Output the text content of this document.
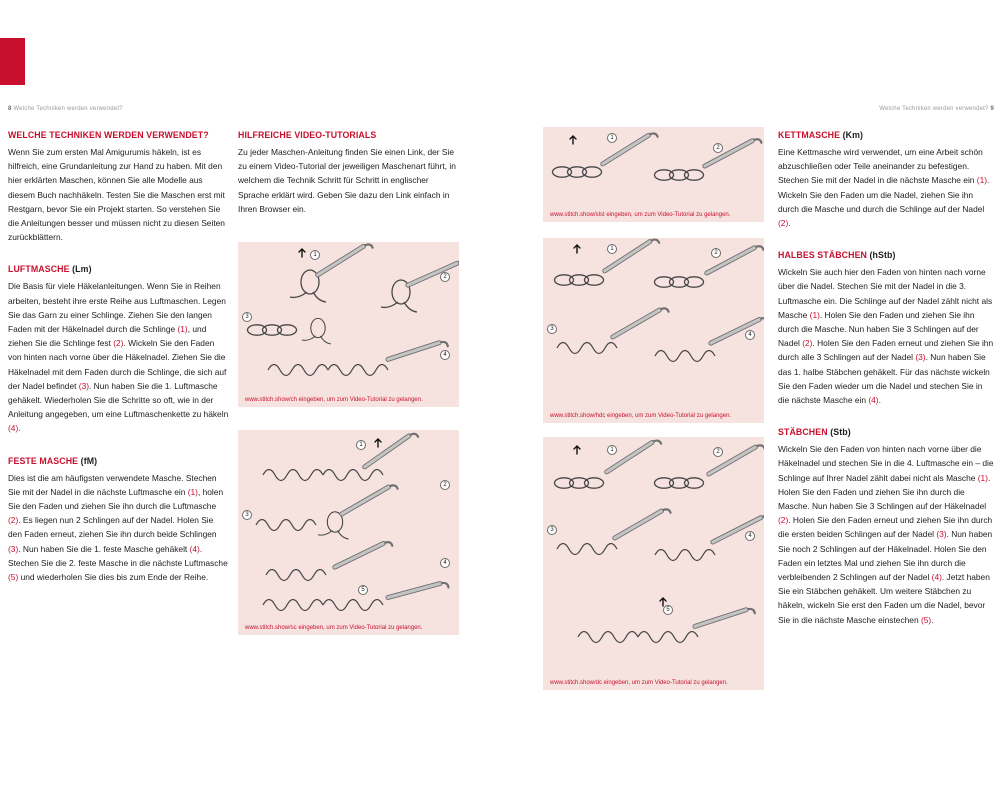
8 Welche Techniken werden verwendet?	Welche Techniken werden verwendet? 9
WELCHE TECHNIKEN WERDEN VERWENDET?

Wenn Sie zum ersten Mal Amigurumis häkeln, ist es hilfreich, eine Grundanleitung zur Hand zu haben. Mit den hier erklärten Maschen, können Sie alle Modelle aus diesem Buch nachhäkeln. Testen Sie die Maschen erst mit Restgarn, bevor Sie ein Projekt starten. So verstehen Sie die Anleitungen besser und müssen nicht zu diesen Seiten zurückblättern.

LUFTMASCHE (Lm)

Die Basis für viele Häkelanleitungen. Wenn Sie in Reihen arbeiten, besteht ihre erste Reihe aus Luftmaschen. Legen Sie das Garn zu einer Schlinge. Ziehen Sie den langen Faden mit der Häkelnadel durch die Schlinge (1), und ziehen Sie die Schlinge fest (2). Wickeln Sie den Faden von hinten nach vorne über die Häkelnadel. Ziehen Sie die Häkelnadel mit dem Faden durch die Schlinge, die sich auf der Nadel befindet (3). Nun haben Sie die 1. Luftmasche gehäkelt. Wiederholen Sie die Schritte so oft, wie in der Anleitung angegeben, um eine Luftmaschenkette zu häkeln (4).

FESTE MASCHE (fM)

Dies ist die am häufigsten verwendete Masche. Stechen Sie mit der Nadel in die nächste Luftmasche ein (1), holen Sie den Faden und ziehen Sie ihn durch die Luftmasche (2). Es liegen nun 2 Schlingen auf der Nadel. Holen Sie den Faden erneut, ziehen Sie ihn durch beide Schlingen (3). Nun haben Sie die 1. feste Masche gehäkelt (4). Stechen Sie die 2. feste Masche in die nächste Luftmasche (5) und wiederholen Sie dies bis zum Ende der Reihe.

HILFREICHE VIDEO-TUTORIALS

Zu jeder Maschen-Anleitung finden Sie einen Link, der Sie zu einem Video-Tutorial der jeweiligen Maschenart führt, in welchem die Technik Schritt für Schritt in englischer Sprache erklärt wird. Geben Sie dazu den Link einfach in Ihren Browser ein.

1
2
3
4
www.stitch.show/ch eingeben, um zum Video-Tutorial zu gelangen.
1
2
3
4
5
www.stitch.show/sc eingeben, um zum Video-Tutorial zu gelangen.
1
2
www.stitch.show/slst eingeben, um zum Video-Tutorial zu gelangen.
1
2
3
4
www.stitch.show/hdc eingeben, um zum Video-Tutorial zu gelangen.
1	2
3
4
5
www.stitch.show/dc eingeben, um zum Video-Tutorial zu gelangen.
KETTMASCHE (Km)

Eine Kettmasche wird verwendet, um eine Arbeit schön abzuschließen oder Teile aneinander zu befestigen. Stechen Sie mit der Nadel in die nächste Masche ein (1). Wickeln Sie den Faden um die Nadel, ziehen Sie ihn durch die Masche und durch die Schlinge auf der Nadel (2).

HALBES STÄBCHEN (hStb)

Wickeln Sie auch hier den Faden von hinten nach vorne über die Nadel. Stechen Sie mit der Nadel in die 3. Luftmasche ein. Die Schlinge auf der Nadel zählt nicht als Masche (1). Holen Sie den Faden und ziehen Sie ihn durch die Masche. Nun haben Sie 3 Schlingen auf der Nadel (2). Holen Sie den Faden erneut und ziehen Sie ihn durch alle 3 Schlingen auf der Nadel (3). Nun haben Sie das 1. halbe Stäbchen gehäkelt. Für das nächste wickeln Sie den Faden wieder um die Nadel und stechen Sie in die nächste Masche ein (4).

STÄBCHEN (Stb)

Wickeln Sie den Faden von hinten nach vorne über die Häkelnadel und stechen Sie in die 4. Luftmasche ein – die Schlinge auf Ihrer Nadel zählt dabei nicht als Masche (1). Holen Sie den Faden und ziehen Sie ihn durch die Masche. Nun haben Sie 3 Schlingen auf der Häkelnadel (2). Holen Sie den Faden erneut und ziehen Sie ihn durch die ersten beiden Schlingen auf der Nadel (3). Nun haben Sie noch 2 Schlingen auf der Häkelnadel. Holen Sie den Faden ein letztes Mal und ziehen Sie ihn durch die verbleibenden 2 Schlingen auf der Nadel (4). Jetzt haben Sie ein Stäbchen gehäkelt. Um weitere Stäbchen zu häkeln, wickeln Sie erst den Faden um die Nadel, bevor Sie in die nächste Masche einstechen (5).
